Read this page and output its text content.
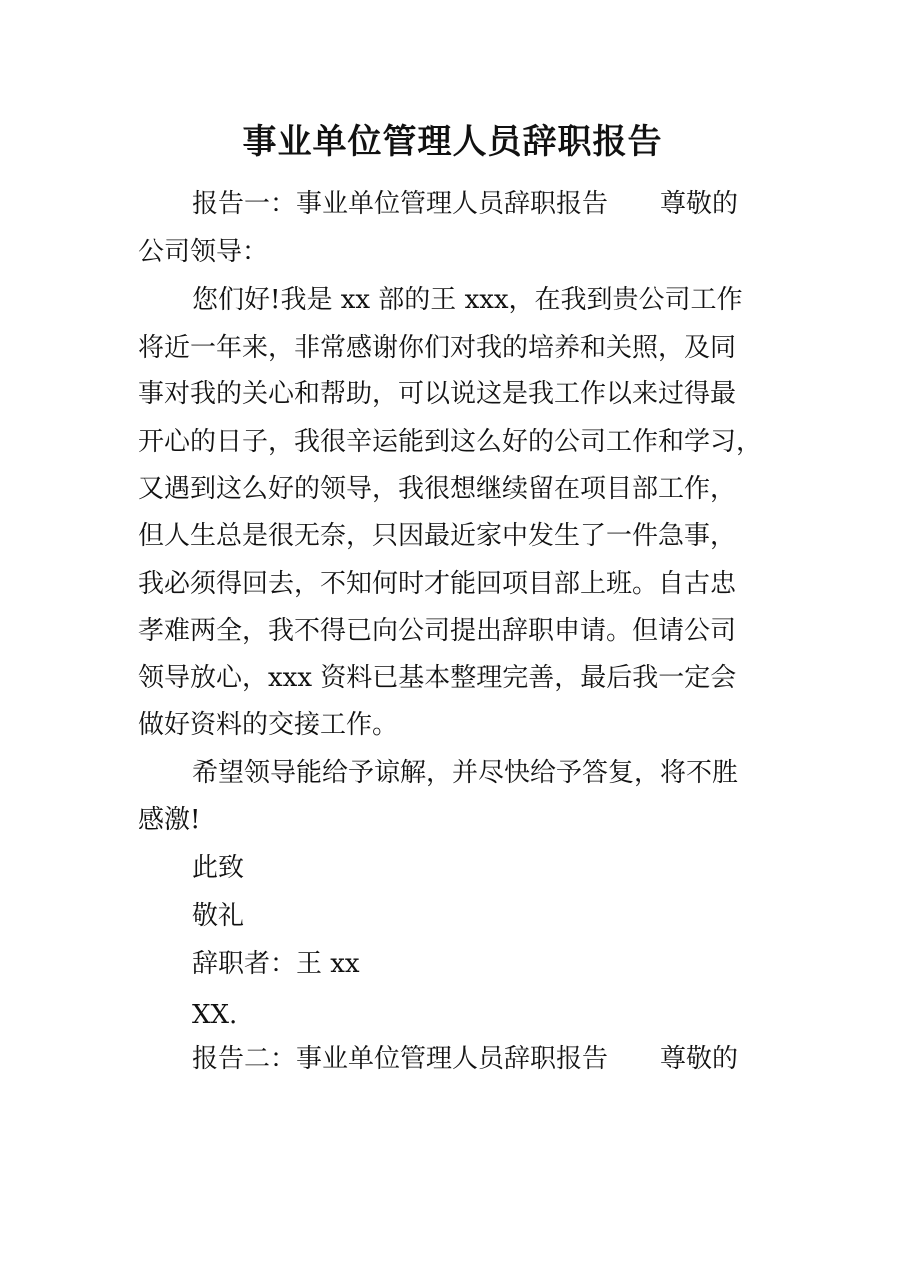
事业单位管理人员辞职报告
报告一：事业单位管理人员辞职报告　　尊敬的
公司领导：
您们好!我是 xx 部的王 xxx，在我到贵公司工作
将近一年来，非常感谢你们对我的培养和关照，及同
事对我的关心和帮助，可以说这是我工作以来过得最
开心的日子，我很辛运能到这么好的公司工作和学习，
又遇到这么好的领导，我很想继续留在项目部工作，
但人生总是很无奈，只因最近家中发生了一件急事，
我必须得回去，不知何时才能回项目部上班。自古忠
孝难两全，我不得已向公司提出辞职申请。但请公司
领导放心，xxx 资料已基本整理完善，最后我一定会
做好资料的交接工作。
希望领导能给予谅解，并尽快给予答复，将不胜
感激!
此致
敬礼
辞职者：王 xx
XX.
报告二：事业单位管理人员辞职报告　　尊敬的
